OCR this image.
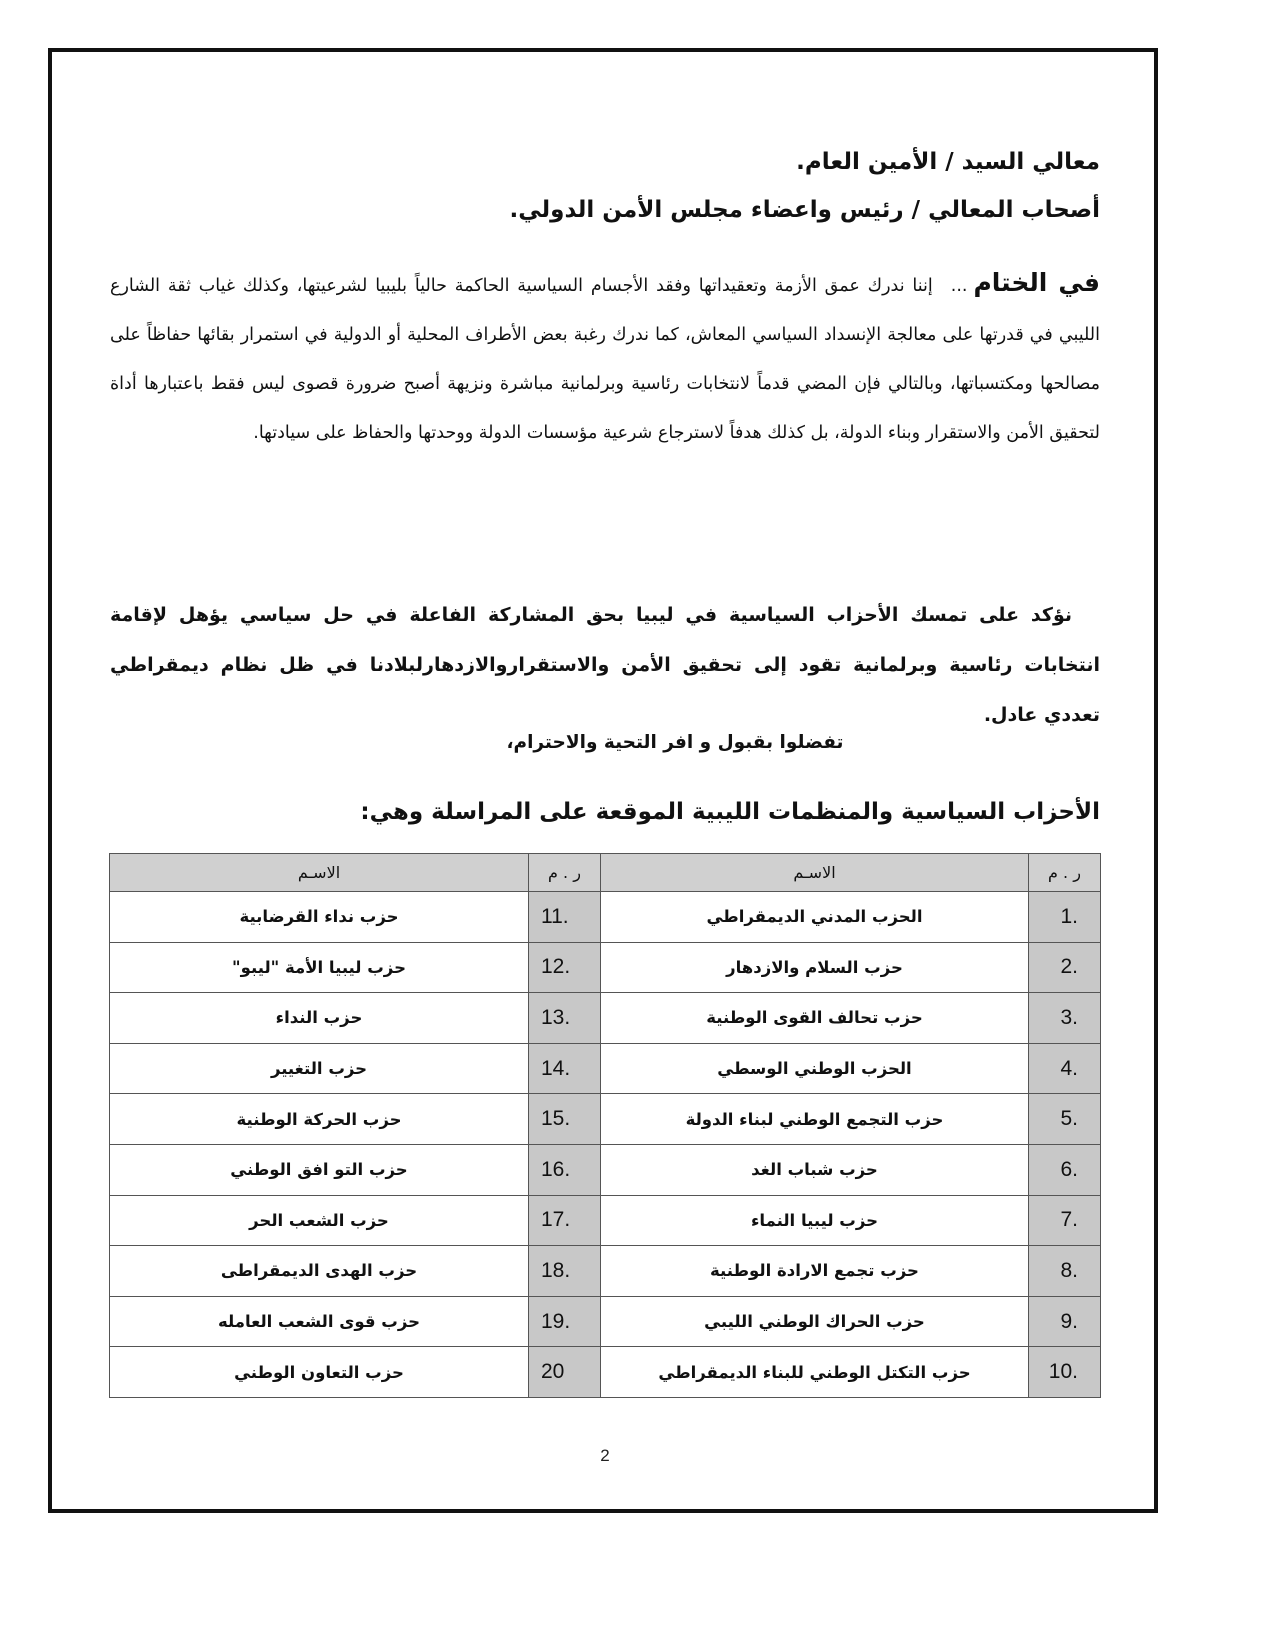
معالي السيد / الأمين العام.
أصحاب المعالي / رئيس واعضاء مجلس الأمن الدولي.
في الختام...إننا ندرك عمق الأزمة وتعقيداتها وفقد الأجسام السياسية الحاكمة حالياً بليبيا لشرعيتها، وكذلك غياب ثقة الشارع الليبي في قدرتها على معالجة الإنسداد السياسي المعاش، كما ندرك رغبة بعض الأطراف المحلية أو الدولية في استمرار بقائها حفاظاً على مصالحها ومكتسباتها، وبالتالي فإن المضي قدماً لانتخابات رئاسية وبرلمانية مباشرة ونزيهة أصبح ضرورة قصوى ليس فقط باعتبارها أداة لتحقيق الأمن والاستقرار وبناء الدولة، بل كذلك هدفاً لاسترجاع شرعية مؤسسات الدولة ووحدتها والحفاظ على سيادتها.
نؤكد على تمسك الأحزاب السياسية في ليبيا بحق المشاركة الفاعلة في حل سياسي يؤهل لإقامة انتخابات رئاسية وبرلمانية تقود إلى تحقيق الأمن والاستقراروالازدهارلبلادنا في ظل نظام ديمقراطي تعددي عادل.
تفضلوا بقبول و افر التحية والاحترام،
الأحزاب السياسية والمنظمات الليبية الموقعة على المراسلة وهي:
ر . م	الاسـم	ر . م	الاسـم
1.	الحزب المدني الديمقراطي	11.	حزب نداء القرضابية
2.	حزب السلام والازدهار	12.	حزب ليبيا الأمة "ليبو"
3.	حزب تحالف القوى الوطنية	13.	حزب النداء
4.	الحزب الوطني الوسطي	14.	حزب التغيير
5.	حزب التجمع الوطني لبناء الدولة	15.	حزب الحركة الوطنية
6.	حزب شباب الغد	16.	حزب التو افق الوطني
7.	حزب ليبيا النماء	17.	حزب الشعب الحر
8.	حزب تجمع الارادة الوطنية	18.	حزب الهدى الديمقراطى
9.	حزب الحراك الوطني الليبي	19.	حزب قوى الشعب العامله
10.	حزب التكتل الوطني للبناء الديمقراطي	20	حزب التعاون الوطني
2
